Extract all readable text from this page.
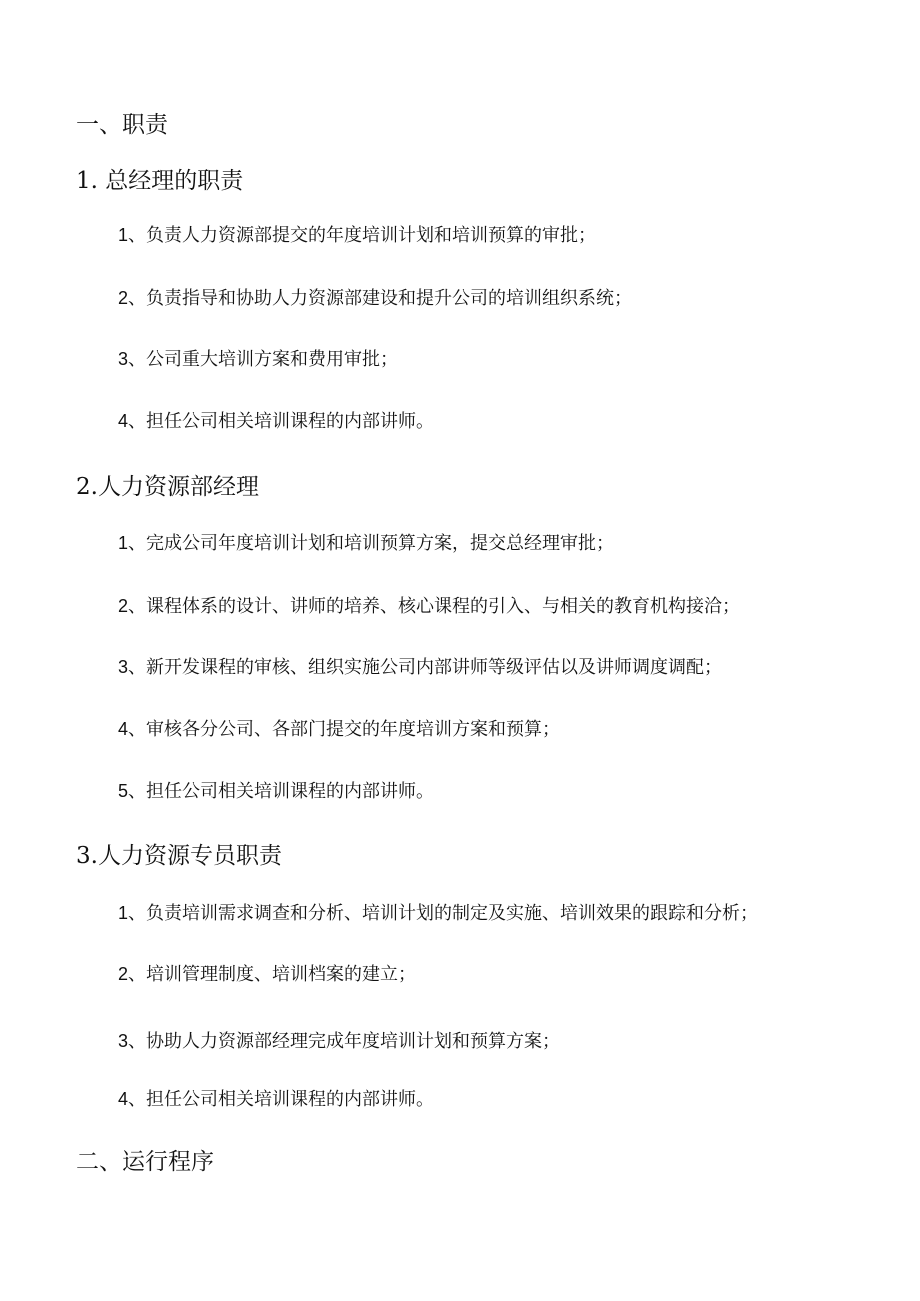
一、职责
1. 总经理的职责
1、负责人力资源部提交的年度培训计划和培训预算的审批；
2、负责指导和协助人力资源部建设和提升公司的培训组织系统；
3、公司重大培训方案和费用审批；
4、担任公司相关培训课程的内部讲师。
2.人力资源部经理
1、完成公司年度培训计划和培训预算方案，提交总经理审批；
2、课程体系的设计、讲师的培养、核心课程的引入、与相关的教育机构接洽；
3、新开发课程的审核、组织实施公司内部讲师等级评估以及讲师调度调配；
4、审核各分公司、各部门提交的年度培训方案和预算；
5、担任公司相关培训课程的内部讲师。
3.人力资源专员职责
1、负责培训需求调查和分析、培训计划的制定及实施、培训效果的跟踪和分析；
2、培训管理制度、培训档案的建立；
3、协助人力资源部经理完成年度培训计划和预算方案；
4、担任公司相关培训课程的内部讲师。
二、运行程序
